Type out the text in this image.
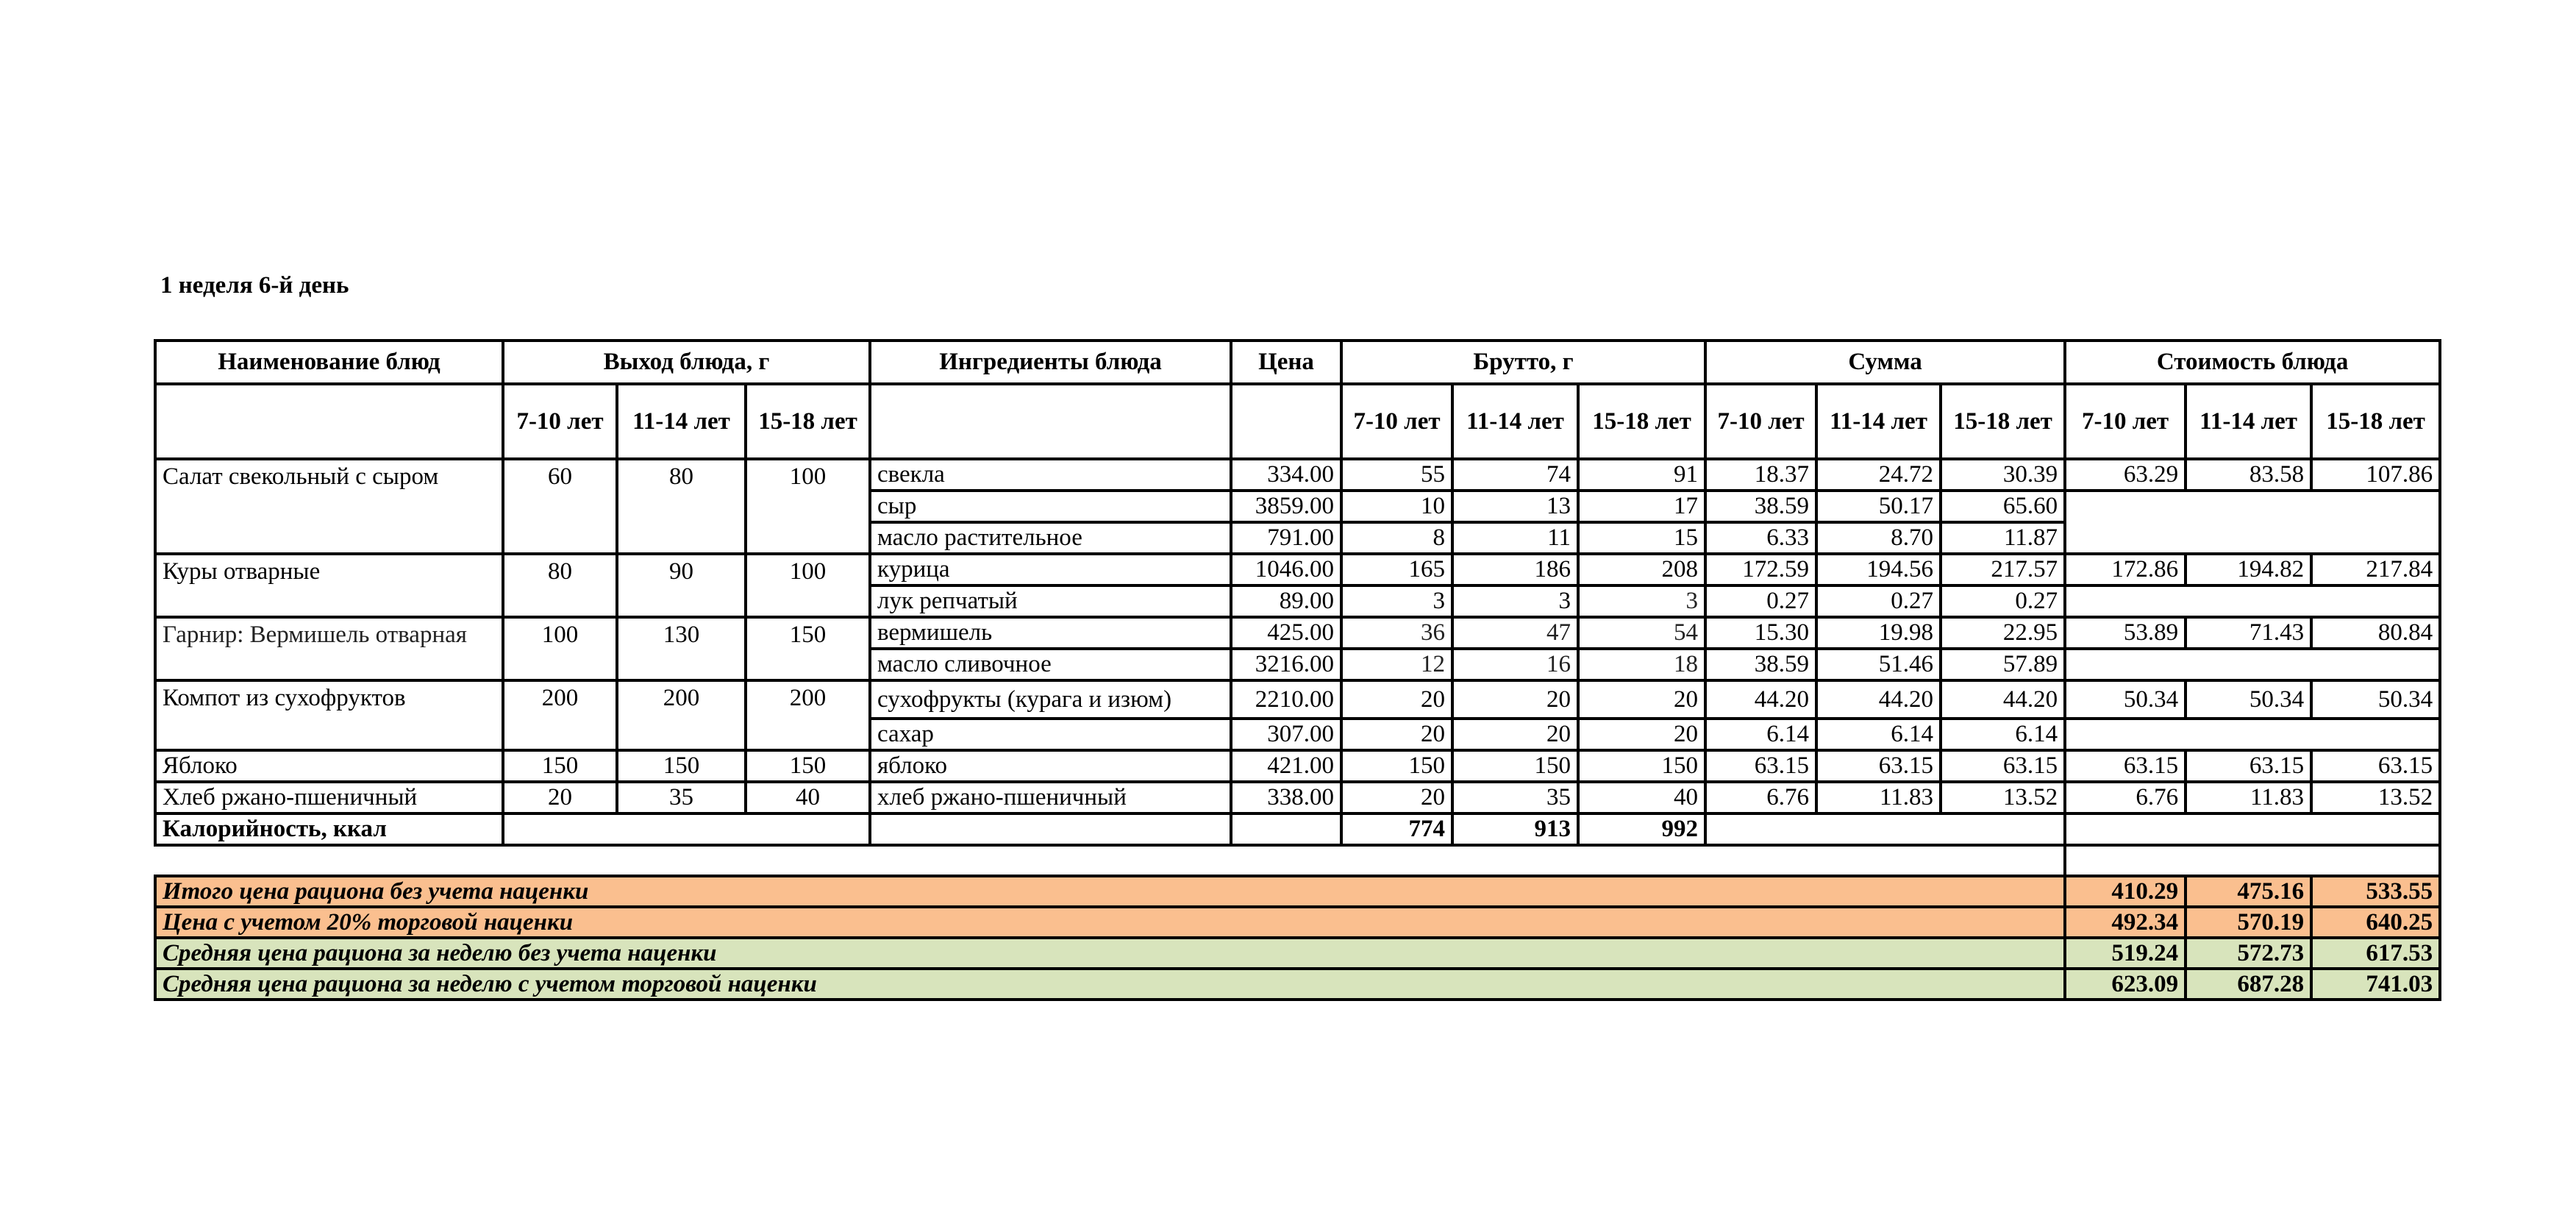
1 неделя 6-й день
Наименование блюд	Выход блюда, г			Ингредиенты блюда	Цена	Брутто, г			Сумма			Стоимость блюда		
	7-10 лет	11-14 лет	15-18 лет			7-10 лет	11-14 лет	15-18 лет	7-10 лет	11-14 лет	15-18 лет	7-10 лет	11-14 лет	15-18 лет
Салат свекольный с сыром	60	80	100	свекла	334.00	55	74	91	18.37	24.72	30.39	63.29	83.58	107.86
				сыр	3859.00	10	13	17	38.59	50.17	65.60			
				масло растительное	791.00	8	11	15	6.33	8.70	11.87			
Куры отварные	80	90	100	курица	1046.00	165	186	208	172.59	194.56	217.57	172.86	194.82	217.84
				лук репчатый	89.00	3	3	3	0.27	0.27	0.27			
Гарнир: Вермишель отварная	100	130	150	вермишель	425.00	36	47	54	15.30	19.98	22.95	53.89	71.43	80.84
				масло сливочное	3216.00	12	16	18	38.59	51.46	57.89			
Компот из сухофруктов	200	200	200	сухофрукты (курага и изюм)	2210.00	20	20	20	44.20	44.20	44.20	50.34	50.34	50.34
				сахар	307.00	20	20	20	6.14	6.14	6.14			
Яблоко	150	150	150	яблоко	421.00	150	150	150	63.15	63.15	63.15	63.15	63.15	63.15
Хлеб ржано-пшеничный	20	35	40	хлеб ржано-пшеничный	338.00	20	35	40	6.76	11.83	13.52	6.76	11.83	13.52
Калорийность, ккал						774	913	992						

Итого цена рациона без учета наценки												410.29	475.16	533.55
Цена с учетом 20% торговой наценки												492.34	570.19	640.25
Средняя цена рациона за неделю без учета наценки												519.24	572.73	617.53
Средняя цена рациона за неделю с учетом торговой наценки												623.09	687.28	741.03
